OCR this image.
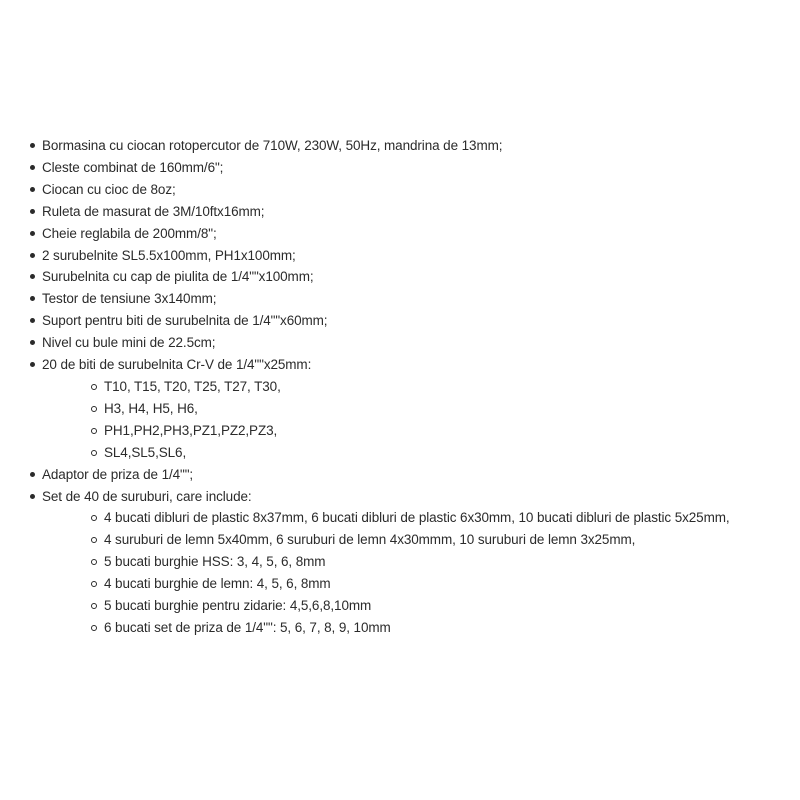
Bormasina cu ciocan rotopercutor de 710W, 230W, 50Hz, mandrina de 13mm;
Cleste combinat de 160mm/6";
Ciocan cu cioc de 8oz;
Ruleta de masurat de 3M/10ftx16mm;
Cheie reglabila de 200mm/8";
2 surubelnite SL5.5x100mm, PH1x100mm;
Surubelnita cu cap de piulita de 1/4""x100mm;
Testor de tensiune 3x140mm;
Suport pentru biti de surubelnita de 1/4""x60mm;
Nivel cu bule mini de 22.5cm;
20 de biti de surubelnita Cr-V de 1/4""x25mm:
T10, T15, T20, T25, T27, T30,
H3, H4, H5, H6,
PH1,PH2,PH3,PZ1,PZ2,PZ3,
SL4,SL5,SL6,
Adaptor de priza de 1/4"";
Set de 40 de suruburi, care include:
4 bucati dibluri de plastic 8x37mm, 6 bucati dibluri de plastic 6x30mm, 10 bucati dibluri de plastic 5x25mm,
4 suruburi de lemn 5x40mm, 6 suruburi de lemn 4x30mmm, 10 suruburi de lemn 3x25mm,
5 bucati burghie HSS: 3, 4, 5, 6, 8mm
4 bucati burghie de lemn: 4, 5, 6, 8mm
5 bucati burghie pentru zidarie: 4,5,6,8,10mm
6 bucati set de priza de 1/4"": 5, 6, 7, 8, 9, 10mm
